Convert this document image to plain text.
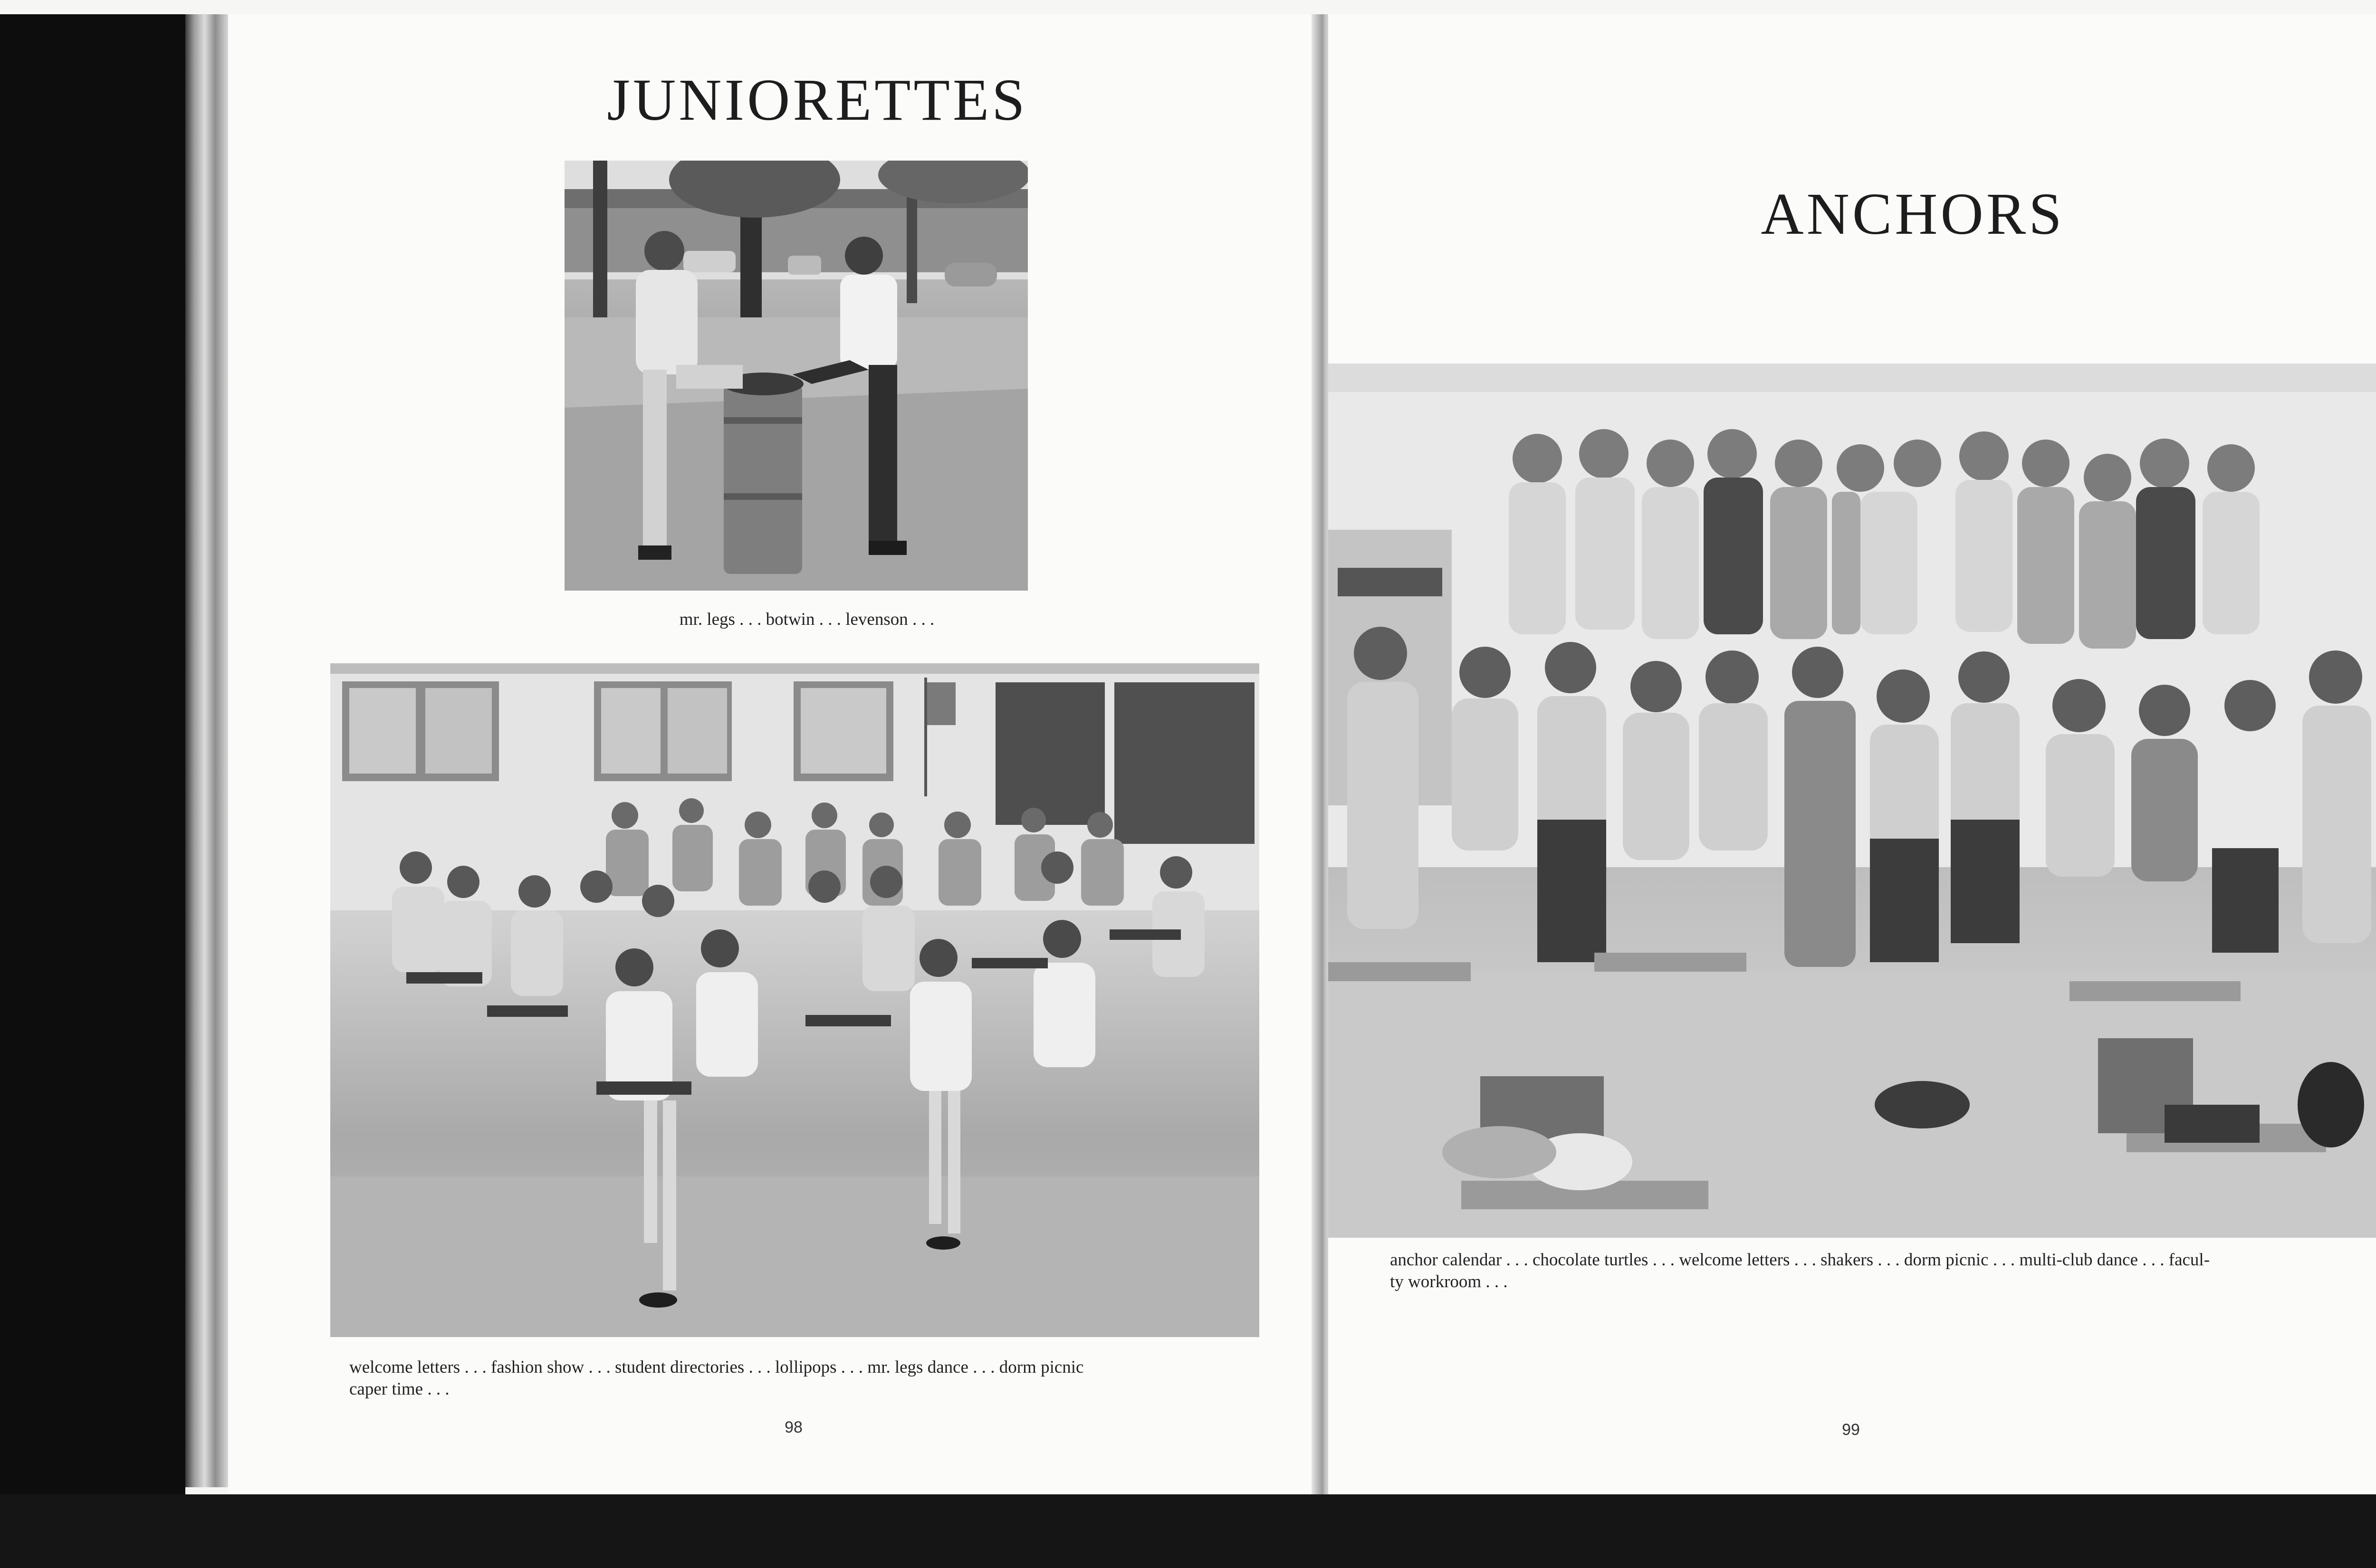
JUNIORETTES
mr. legs . . . botwin . . . levenson . . .
welcome letters . . . fashion show . . . student directories . . . lollipops . . . mr. legs dance . . . dorm picnic
caper time . . .
98
ANCHORS
anchor calendar . . . chocolate turtles . . . welcome letters . . . shakers . . . dorm picnic . . . multi-club dance . . . facul-
ty workroom . . .
99
